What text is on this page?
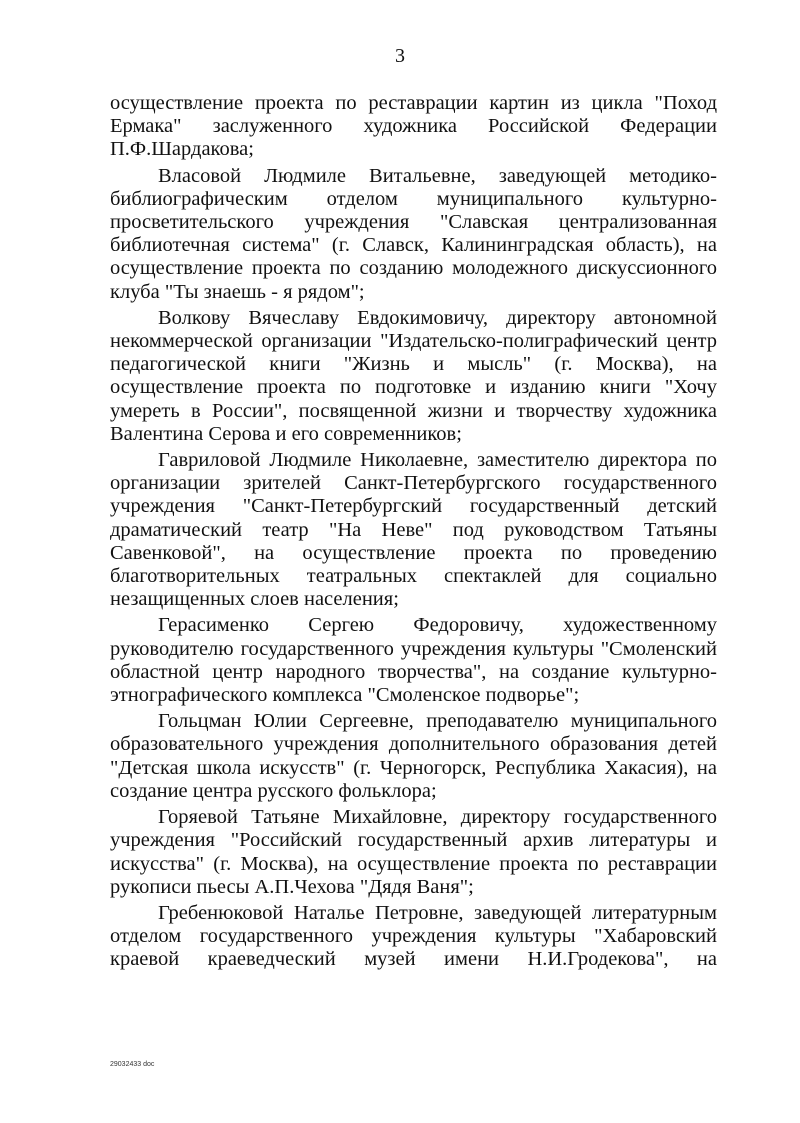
3

осуществление проекта по реставрации картин из цикла "Поход Ермака" заслуженного художника Российской Федерации П.Ф.Шардакова;

Власовой Людмиле Витальевне, заведующей методико-библиографическим отделом муниципального культурно-просветительского учреждения "Славская централизованная библиотечная система" (г. Славск, Калининградская область), на осуществление проекта по созданию молодежного дискуссионного клуба "Ты знаешь - я рядом";

Волкову Вячеславу Евдокимовичу, директору автономной некоммерческой организации "Издательско-полиграфический центр педагогической книги "Жизнь и мысль" (г. Москва), на осуществление проекта по подготовке и изданию книги "Хочу умереть в России", посвященной жизни и творчеству художника Валентина Серова и его современников;

Гавриловой Людмиле Николаевне, заместителю директора по организации зрителей Санкт-Петербургского государственного учреждения "Санкт-Петербургский государственный детский драматический театр "На Неве" под руководством Татьяны Савенковой", на осуществление проекта по проведению благотворительных театральных спектаклей для социально незащищенных слоев населения;

Герасименко Сергею Федоровичу, художественному руководителю государственного учреждения культуры "Смоленский областной центр народного творчества", на создание культурно-этнографического комплекса "Смоленское подворье";

Гольцман Юлии Сергеевне, преподавателю муниципального образовательного учреждения дополнительного образования детей "Детская школа искусств" (г. Черногорск, Республика Хакасия), на создание центра русского фольклора;

Горяевой Татьяне Михайловне, директору государственного учреждения "Российский государственный архив литературы и искусства" (г. Москва), на осуществление проекта по реставрации рукописи пьесы А.П.Чехова "Дядя Ваня";

Гребенюковой Наталье Петровне, заведующей литературным отделом государственного учреждения культуры "Хабаровский краевой краеведческий музей имени Н.И.Гродекова", на

29032433 doc
